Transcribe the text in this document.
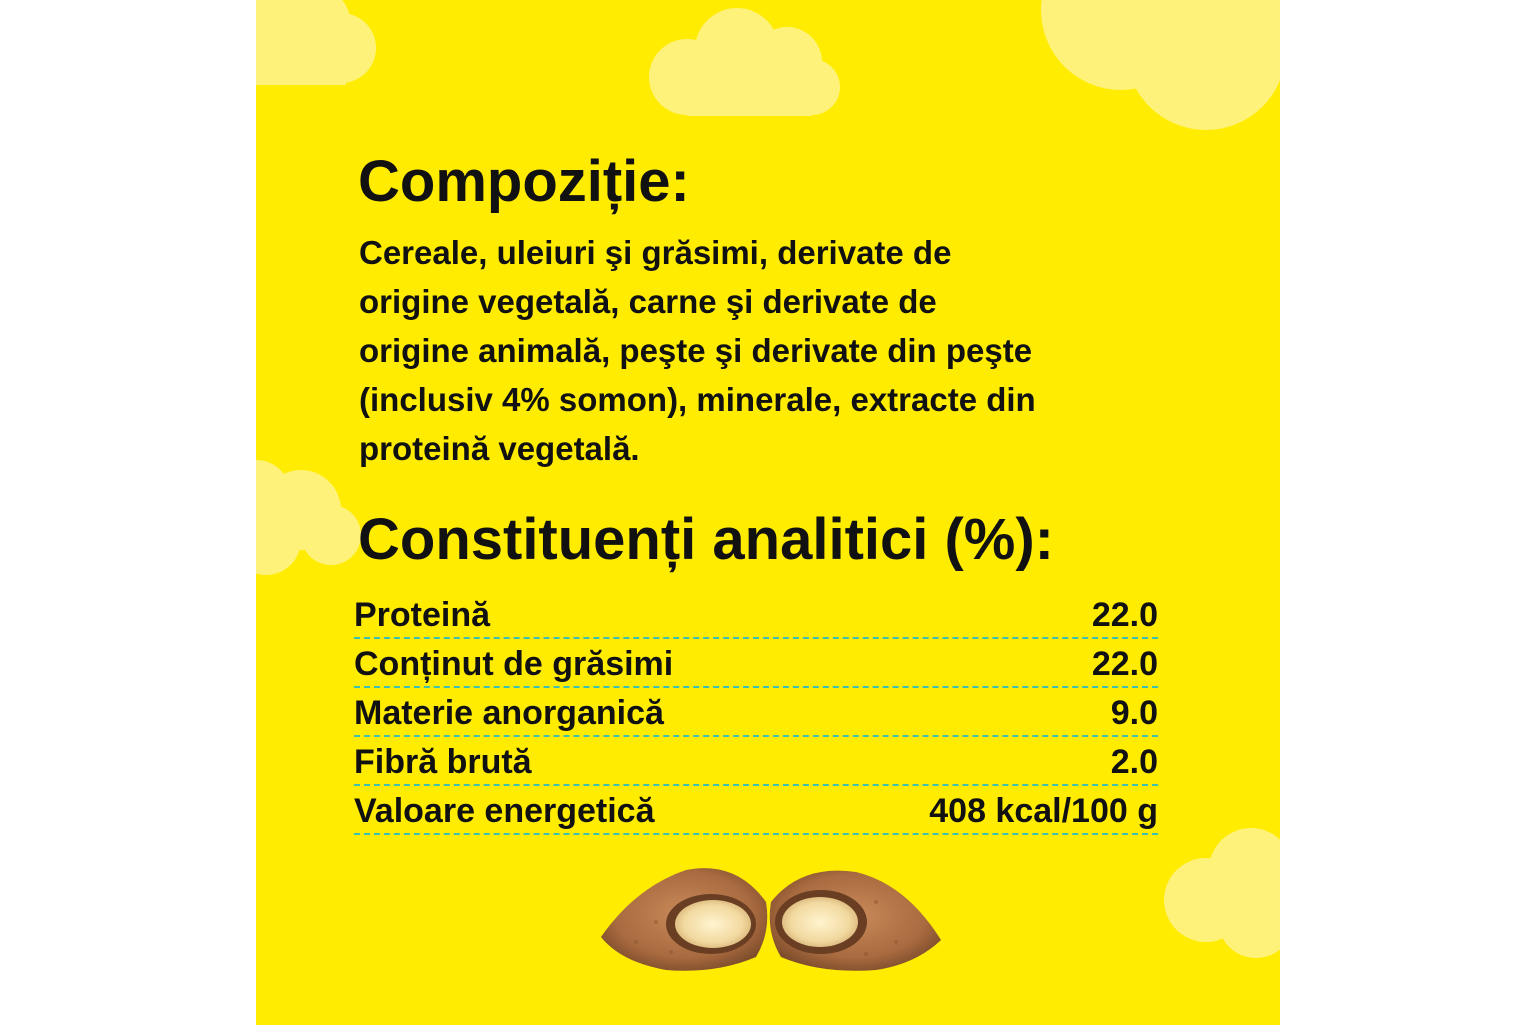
Compoziție:
Cereale, uleiuri şi grăsimi, derivate de
origine vegetală, carne şi derivate de
origine animală, peşte şi derivate din peşte
(inclusiv 4% somon), minerale, extracte din
proteină vegetală.
Constituenți analitici (%):
Proteină	22.0
Conținut de grăsimi	22.0
Materie anorganică	9.0
Fibră brută	2.0
Valoare energetică	408 kcal/100 g
